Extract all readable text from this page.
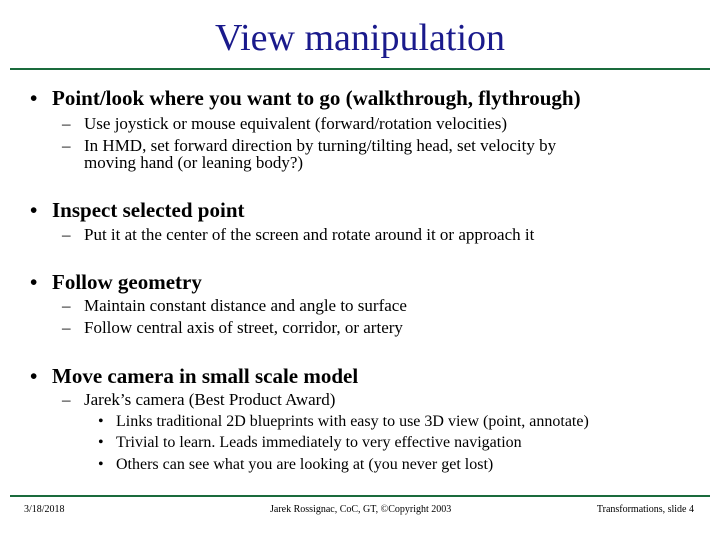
View manipulation
• Point/look where you want to go (walkthrough, flythrough)
– Use joystick or mouse equivalent (forward/rotation velocities)
– In HMD, set forward direction by turning/tilting head, set velocity by
moving hand (or leaning body?)
• Inspect selected point
– Put it at the center of the screen and rotate around it or approach it
• Follow geometry
– Maintain constant distance and angle to surface
– Follow central axis of street, corridor, or artery
• Move camera in small scale model
– Jarek’s camera (Best Product Award)
• Links traditional 2D blueprints with easy to use 3D view (point, annotate)
• Trivial to learn. Leads immediately to very effective navigation
• Others can see what you are looking at (you never get lost)
3/18/2018	Jarek Rossignac, CoC, GT, ©Copyright 2003	Transformations, slide 4
